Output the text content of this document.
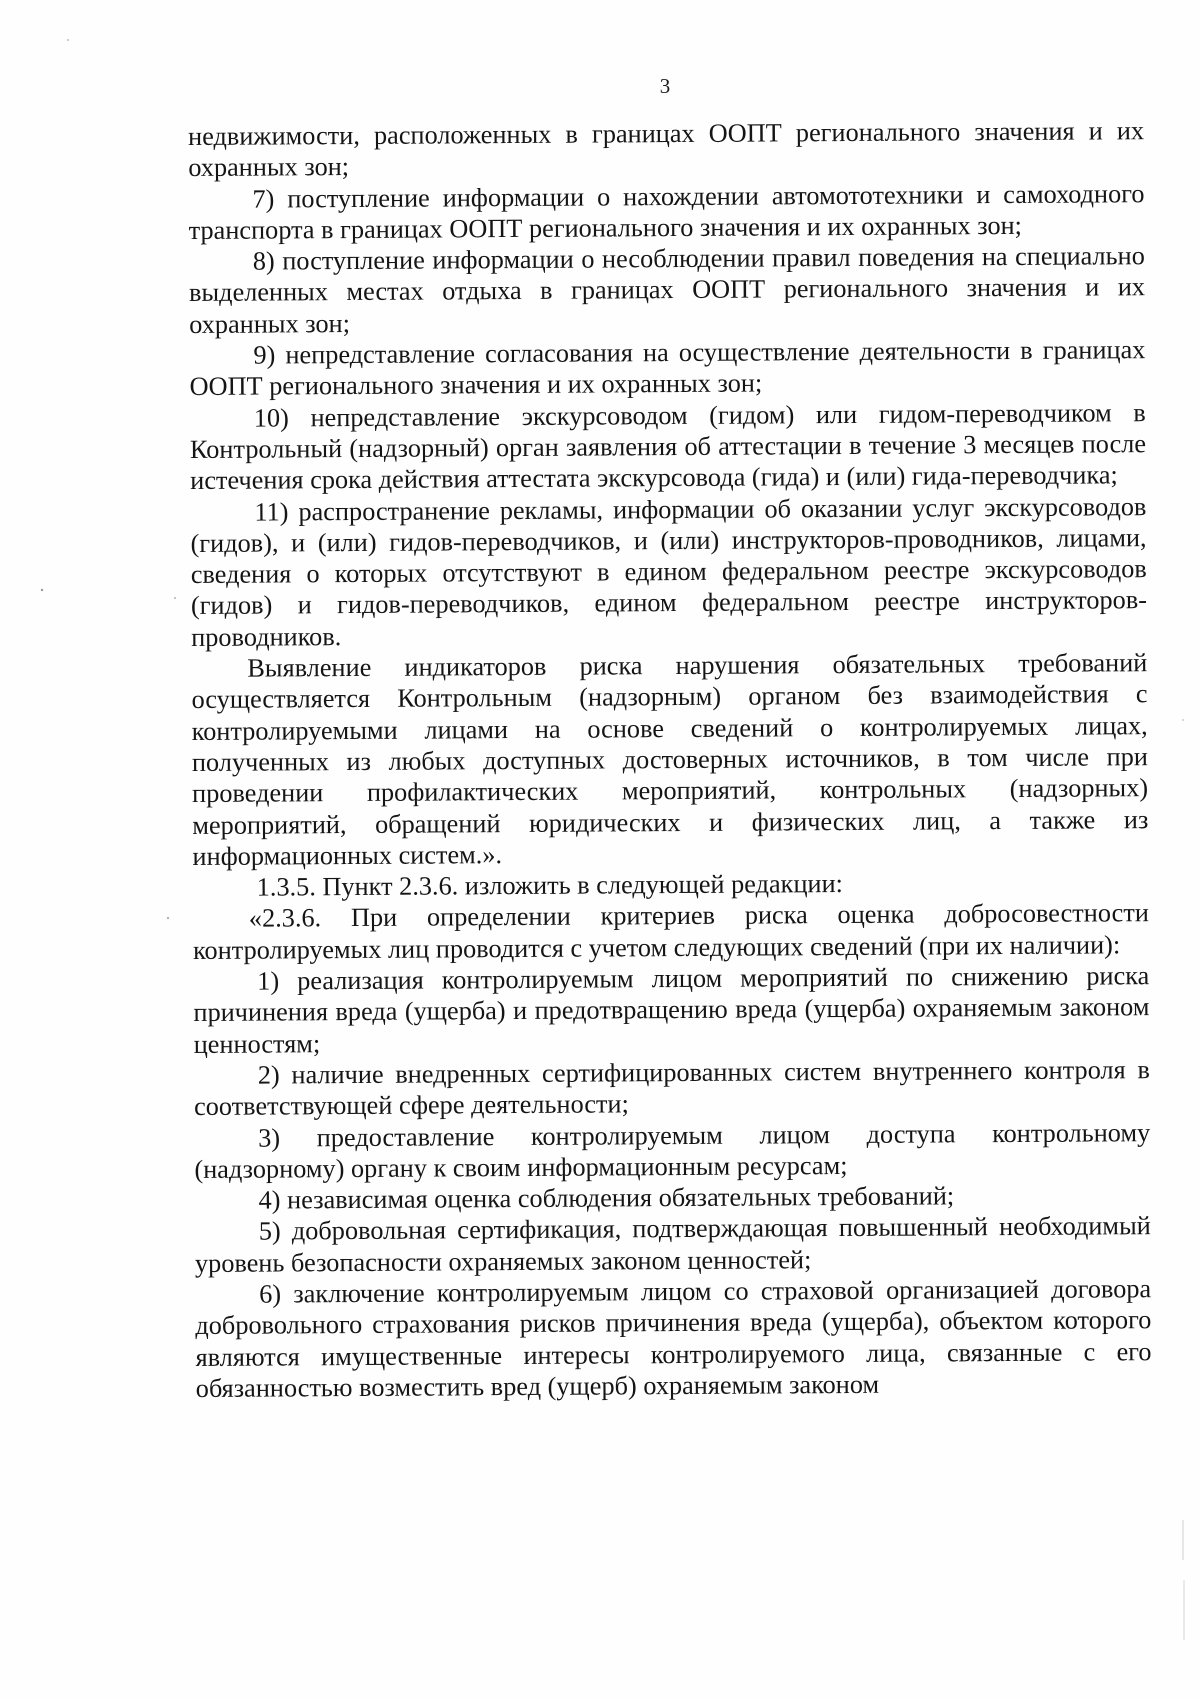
3

недвижимости, расположенных в границах ООПТ регионального значения и их охранных зон;

7) поступление информации о нахождении автомототехники и самоходного транспорта в границах ООПТ регионального значения и их охранных зон;

8) поступление информации о несоблюдении правил поведения на специально выделенных местах отдыха в границах ООПТ регионального значения и их охранных зон;

9) непредставление согласования на осуществление деятельности в границах ООПТ регионального значения и их охранных зон;

10) непредставление экскурсоводом (гидом) или гидом-переводчиком в Контрольный (надзорный) орган заявления об аттестации в течение 3 месяцев после истечения срока действия аттестата экскурсовода (гида) и (или) гида-переводчика;

11) распространение рекламы, информации об оказании услуг экскурсоводов (гидов), и (или) гидов-переводчиков, и (или) инструкторов-проводников, лицами, сведения о которых отсутствуют в едином федеральном реестре экскурсоводов (гидов) и гидов-переводчиков, едином федеральном реестре инструкторов-проводников.

Выявление индикаторов риска нарушения обязательных требований осуществляется Контрольным (надзорным) органом без взаимодействия с контролируемыми лицами на основе сведений о контролируемых лицах, полученных из любых доступных достоверных источников, в том числе при проведении профилактических мероприятий, контрольных (надзорных) мероприятий, обращений юридических и физических лиц, а также из информационных систем.».

1.3.5. Пункт 2.3.6. изложить в следующей редакции:

«2.3.6. При определении критериев риска оценка добросовестности контролируемых лиц проводится с учетом следующих сведений (при их наличии):

1) реализация контролируемым лицом мероприятий по снижению риска причинения вреда (ущерба) и предотвращению вреда (ущерба) охраняемым законом ценностям;

2) наличие внедренных сертифицированных систем внутреннего контроля в соответствующей сфере деятельности;

3) предоставление контролируемым лицом доступа контрольному (надзорному) органу к своим информационным ресурсам;

4) независимая оценка соблюдения обязательных требований;

5) добровольная сертификация, подтверждающая повышенный необходимый уровень безопасности охраняемых законом ценностей;

6) заключение контролируемым лицом со страховой организацией договора добровольного страхования рисков причинения вреда (ущерба), объектом которого являются имущественные интересы контролируемого лица, связанные с его обязанностью возместить вред (ущерб) охраняемым законом
